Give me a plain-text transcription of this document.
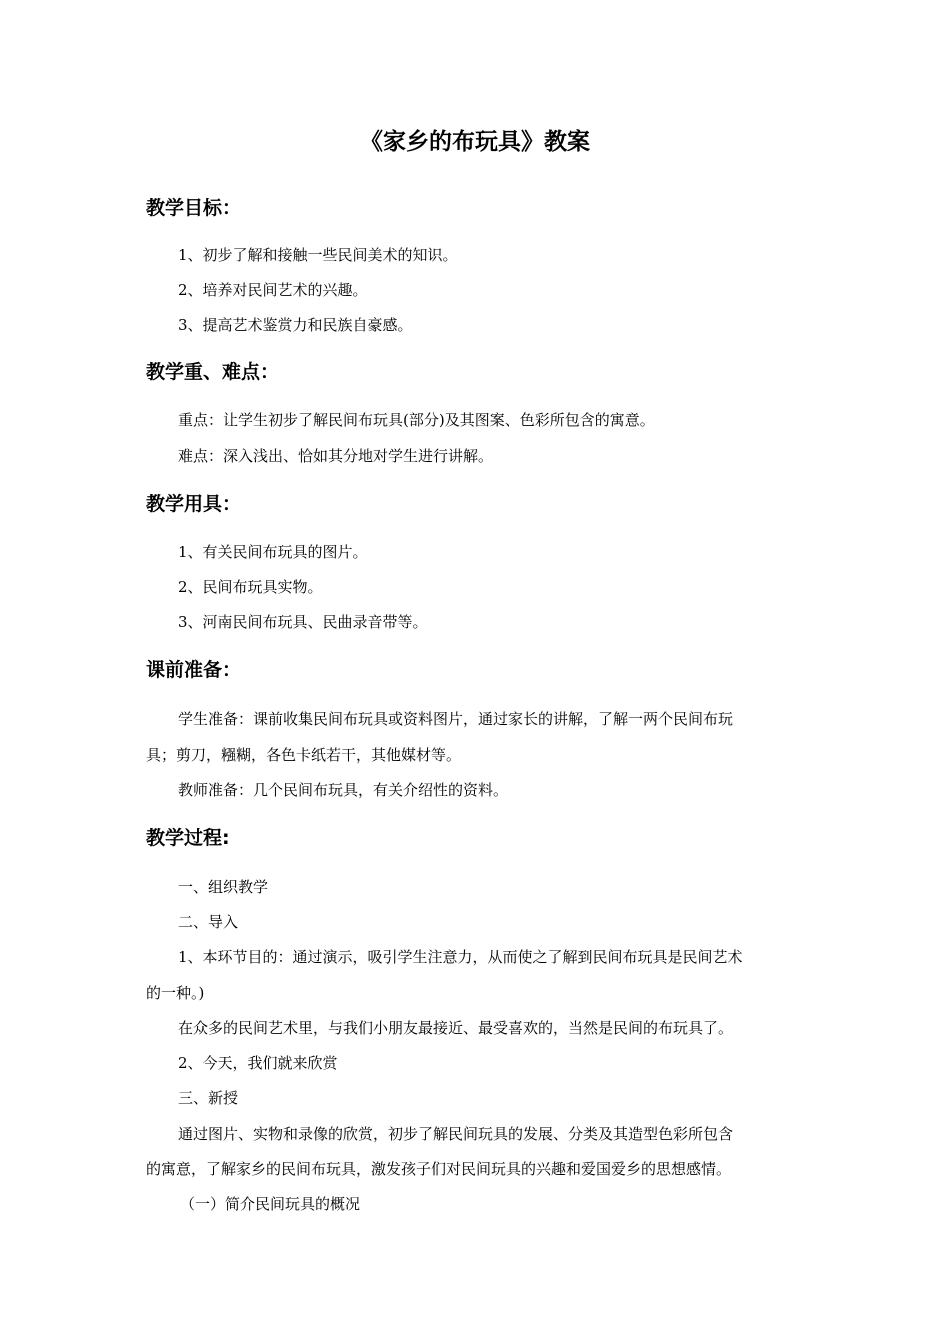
《家乡的布玩具》教案
教学目标：

1、初步了解和接触一些民间美术的知识。

2、培养对民间艺术的兴趣。

3、提高艺术鉴赏力和民族自豪感。

教学重、难点：

重点：让学生初步了解民间布玩具(部分)及其图案、色彩所包含的寓意。

难点：深入浅出、恰如其分地对学生进行讲解。

教学用具：

1、有关民间布玩具的图片。

2、民间布玩具实物。

3、河南民间布玩具、民曲录音带等。

课前准备：

学生准备：课前收集民间布玩具或资料图片，通过家长的讲解，了解一两个民间布玩

具；剪刀，糨糊，各色卡纸若干，其他媒材等。

教师准备：几个民间布玩具，有关介绍性的资料。

教学过程:

一、组织教学

二、导入

1、本环节目的：通过演示，吸引学生注意力，从而使之了解到民间布玩具是民间艺术

的一种。)

在众多的民间艺术里，与我们小朋友最接近、最受喜欢的，当然是民间的布玩具了。

2、今天，我们就来欣赏

三、新授

通过图片、实物和录像的欣赏，初步了解民间玩具的发展、分类及其造型色彩所包含

的寓意，了解家乡的民间布玩具，激发孩子们对民间玩具的兴趣和爱国爱乡的思想感情。

（一）简介民间玩具的概况
